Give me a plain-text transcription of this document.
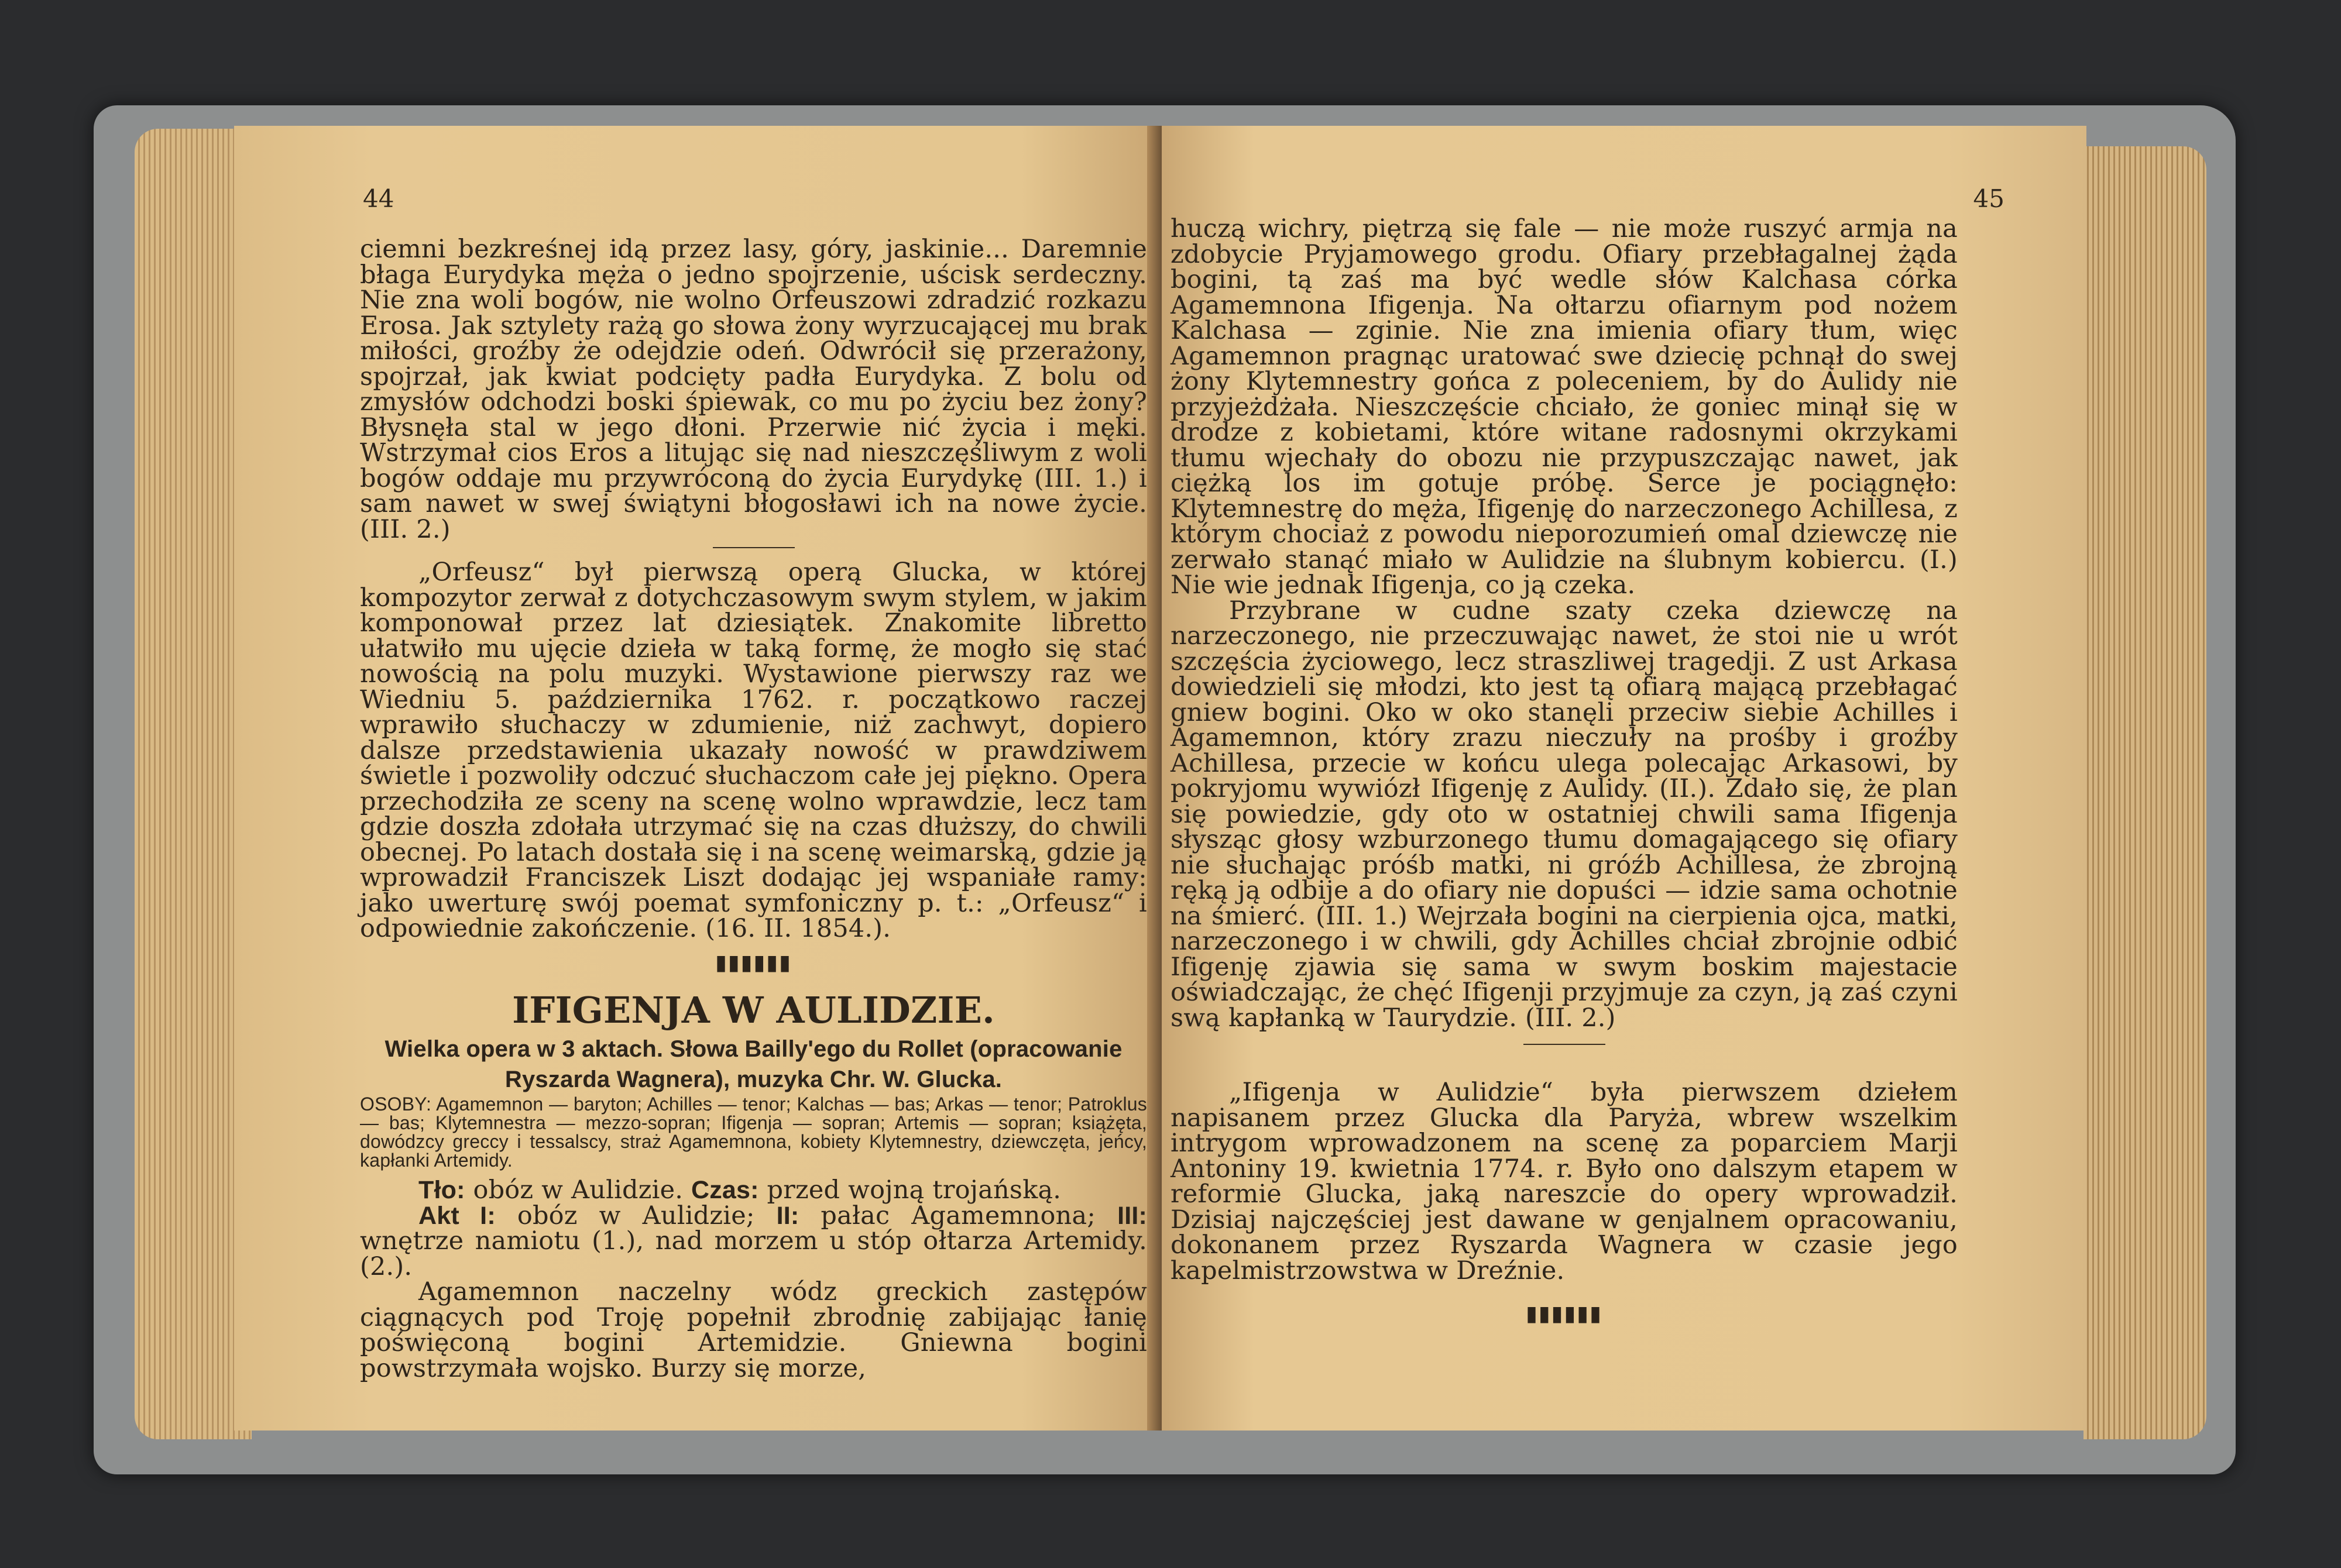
44

ciemni bezkreśnej idą przez lasy, góry, jaskinie... Daremnie błaga Eurydyka męża o jedno spojrzenie, uścisk serdeczny. Nie zna woli bogów, nie wolno Orfeuszowi zdradzić rozkazu Erosa. Jak sztylety rażą go słowa żony wyrzucającej mu brak miłości, groźby że odejdzie odeń. Odwrócił się przerażony, spojrzał, jak kwiat podcięty padła Eurydyka. Z bolu od zmysłów odchodzi boski śpiewak, co mu po życiu bez żony? Błysnęła stal w jego dłoni. Przerwie nić życia i męki. Wstrzymał cios Eros a litując się nad nieszczęśliwym z woli bogów oddaje mu przywróconą do życia Eurydykę (III. 1.) i sam nawet w swej świątyni błogosławi ich na nowe życie. (III. 2.)

„Orfeusz“ był pierwszą operą Glucka, w której kompozytor zerwał z dotychczasowym swym stylem, w jakim komponował przez lat dziesiątek. Znakomite libretto ułatwiło mu ujęcie dzieła w taką formę, że mogło się stać nowością na polu muzyki. Wystawione pierwszy raz we Wiedniu 5. października 1762. r. początkowo raczej wprawiło słuchaczy w zdumienie, niż zachwyt, dopiero dalsze przedstawienia ukazały nowość w prawdziwem świetle i pozwoliły odczuć słuchaczom całe jej piękno. Opera przechodziła ze sceny na scenę wolno wprawdzie, lecz tam gdzie doszła zdołała utrzymać się na czas dłuższy, do chwili obecnej. Po latach dostała się i na scenę weimarską, gdzie ją wprowadził Franciszek Liszt dodając jej wspaniałe ramy: jako uwerturę swój poemat symfoniczny p. t.: „Orfeusz“ i odpowiednie zakończenie. (16. II. 1854.).

▮▮▮▮▮▮
IFIGENJA W AULIDZIE.
Wielka opera w 3 aktach. Słowa Bailly'ego du Rollet (opracowanie Ryszarda Wagnera), muzyka Chr. W. Glucka.

OSOBY: Agamemnon — baryton; Achilles — tenor; Kalchas — bas; Arkas — tenor; Patroklus — bas; Klytemnestra — mezzo-sopran; Ifigenja — sopran; Artemis — sopran; książęta, dowódzcy greccy i tessalscy, straż Agamemnona, kobiety Klytemnestry, dziewczęta, jeńcy, kapłanki Artemidy.

Tło: obóz w Aulidzie. Czas: przed wojną trojańską.

Akt I: obóz w Aulidzie; II: pałac Agamemnona; III: wnętrze namiotu (1.), nad morzem u stóp ołtarza Artemidy. (2.).

Agamemnon naczelny wódz greckich zastępów ciągnących pod Troję popełnił zbrodnię zabijając łanię poświęconą bogini Artemidzie. Gniewna bogini powstrzymała wojsko. Burzy się morze,

45

huczą wichry, piętrzą się fale — nie może ruszyć armja na zdobycie Pryjamowego grodu. Ofiary przebłagalnej żąda bogini, tą zaś ma być wedle słów Kalchasa córka Agamemnona Ifigenja. Na ołtarzu ofiarnym pod nożem Kalchasa — zginie. Nie zna imienia ofiary tłum, więc Agamemnon pragnąc uratować swe dziecię pchnął do swej żony Klytemnestry gońca z poleceniem, by do Aulidy nie przyjeżdżała. Nieszczęście chciało, że goniec minął się w drodze z kobietami, które witane radosnymi okrzykami tłumu wjechały do obozu nie przypuszczając nawet, jak ciężką los im gotuje próbę. Serce je pociągnęło: Klytemnestrę do męża, Ifigenję do narzeczonego Achillesa, z którym chociaż z powodu nieporozumień omal dziewczę nie zerwało stanąć miało w Aulidzie na ślubnym kobiercu. (I.) Nie wie jednak Ifigenja, co ją czeka.

Przybrane w cudne szaty czeka dziewczę na narzeczonego, nie przeczuwając nawet, że stoi nie u wrót szczęścia życiowego, lecz straszliwej tragedji. Z ust Arkasa dowiedzieli się młodzi, kto jest tą ofiarą mającą przebłagać gniew bogini. Oko w oko stanęli przeciw siebie Achilles i Agamemnon, który zrazu nieczuły na prośby i groźby Achillesa, przecie w końcu ulega polecając Arkasowi, by pokryjomu wywiózł Ifigenję z Aulidy. (II.). Zdało się, że plan się powiedzie, gdy oto w ostatniej chwili sama Ifigenja słysząc głosy wzburzonego tłumu domagającego się ofiary nie słuchając próśb matki, ni gróźb Achillesa, że zbrojną ręką ją odbije a do ofiary nie dopuści — idzie sama ochotnie na śmierć. (III. 1.) Wejrzała bogini na cierpienia ojca, matki, narzeczonego i w chwili, gdy Achilles chciał zbrojnie odbić Ifigenję zjawia się sama w swym boskim majestacie oświadczając, że chęć Ifigenji przyjmuje za czyn, ją zaś czyni swą kapłanką w Taurydzie. (III. 2.)

„Ifigenja w Aulidzie“ była pierwszem dziełem napisanem przez Glucka dla Paryża, wbrew wszelkim intrygom wprowadzonem na scenę za poparciem Marji Antoniny 19. kwietnia 1774. r. Było ono dalszym etapem w reformie Glucka, jaką nareszcie do opery wprowadził. Dzisiaj najczęściej jest dawane w genjalnem opracowaniu, dokonanem przez Ryszarda Wagnera w czasie jego kapelmistrzowstwa w Dreźnie.

▮▮▮▮▮▮
